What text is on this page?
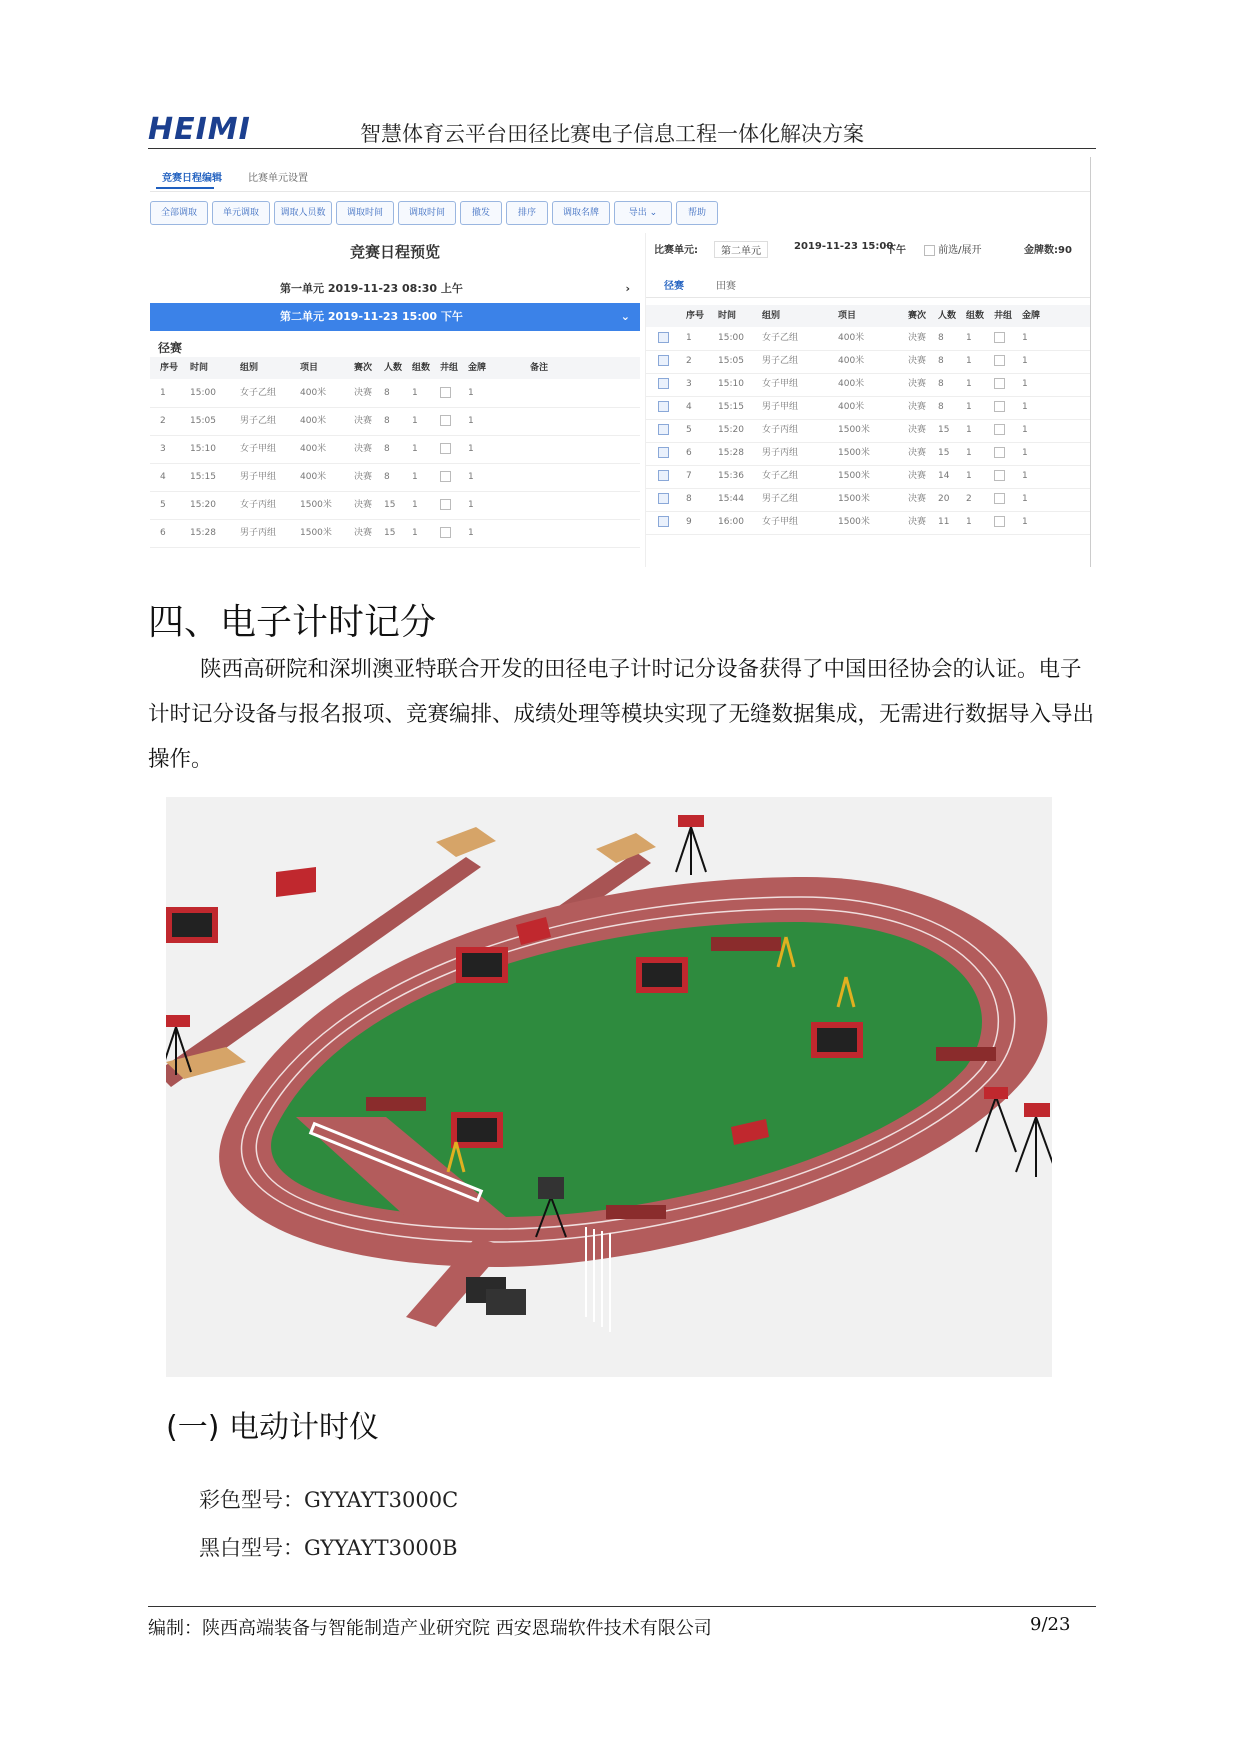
HEIMI	智慧体育云平台田径比赛电子信息工程一体化解决方案
竞赛日程编辑	比赛单元设置
全部调取	单元调取	调取人员数	调取时间	调取时间	撤发	排序	调取名牌	导出 ⌄	帮助
竞赛日程预览
第一单元 2019-11-23 08:30 上午	›
第二单元 2019-11-23 15:00 下午	⌄
径赛
序号 时间	组别	项目	赛次 人数 组数 井组 金牌	备注
1	15:00	女子乙组	400米	决赛 8 1	1
2	15:05	男子乙组	400米	决赛 8 1	1
3	15:10	女子甲组	400米	决赛 8 1	1
4	15:15	男子甲组	400米	决赛 8 1	1
5	15:20	女子丙组	1500米 决赛 15 1	1
6	15:28	男子丙组	1500米 决赛 15 1	1
比赛单元:	第二单元	2019-11-23 15:00
下午	前选/展开	金牌数:90
径赛	田赛
序号 时间	组别	项目	赛次 人数 组数 井组 金牌
1	15:00 女子乙组	400米	决赛 8 1	1
2	15:05 男子乙组	400米	决赛 8 1	1
3	15:10 女子甲组	400米	决赛 8 1	1
4	15:15 男子甲组	400米	决赛 8 1	1
5	15:20 女子丙组	1500米	决赛 15 1	1
6	15:28 男子丙组	1500米	决赛 15 1	1
7	15:36 女子乙组	1500米	决赛 14 1	1
8	15:44 男子乙组	1500米	决赛 20 2	1
9	16:00 女子甲组	1500米	决赛 11 1	1
四、电子计时记分
陕西高研院和深圳澳亚特联合开发的田径电子计时记分设备获得了中国田径协会的认证。电子计时记分设备与报名报项、竞赛编排、成绩处理等模块实现了无缝数据集成，无需进行数据导入导出操作。
(一) 电动计时仪
彩色型号：GYYAYT3000C
黑白型号：GYYAYT3000B
编制：陕西高端装备与智能制造产业研究院 西安恩瑞软件技术有限公司	9/23
